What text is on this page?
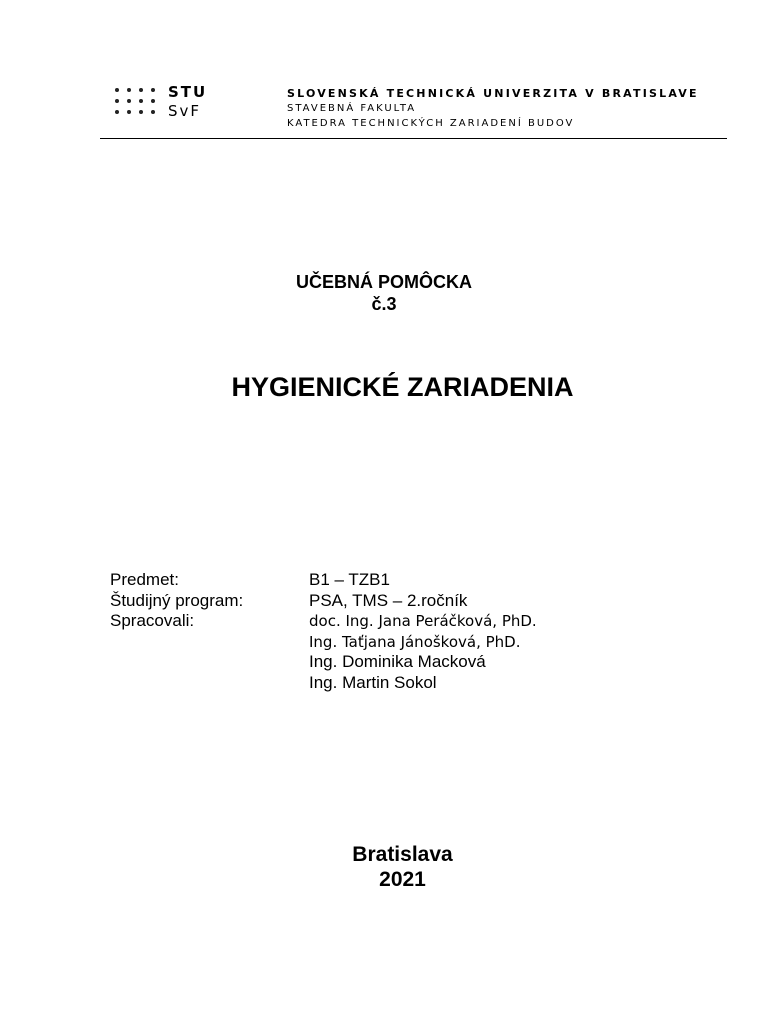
STU
SvF
SLOVENSKÁ TECHNICKÁ UNIVERZITA V BRATISLAVE
STAVEBNÁ FAKULTA
KATEDRA TECHNICKÝCH ZARIADENÍ BUDOV
UČEBNÁ POMÔCKA
č.3
HYGIENICKÉ ZARIADENIA
Predmet:	B1 – TZB1
Študijný program:	PSA, TMS – 2.ročník
Spracovali:	doc. Ing. Jana Peráčková, PhD.
Ing. Taťjana Jánošková, PhD.
Ing. Dominika Macková
Ing. Martin Sokol
Bratislava
2021
